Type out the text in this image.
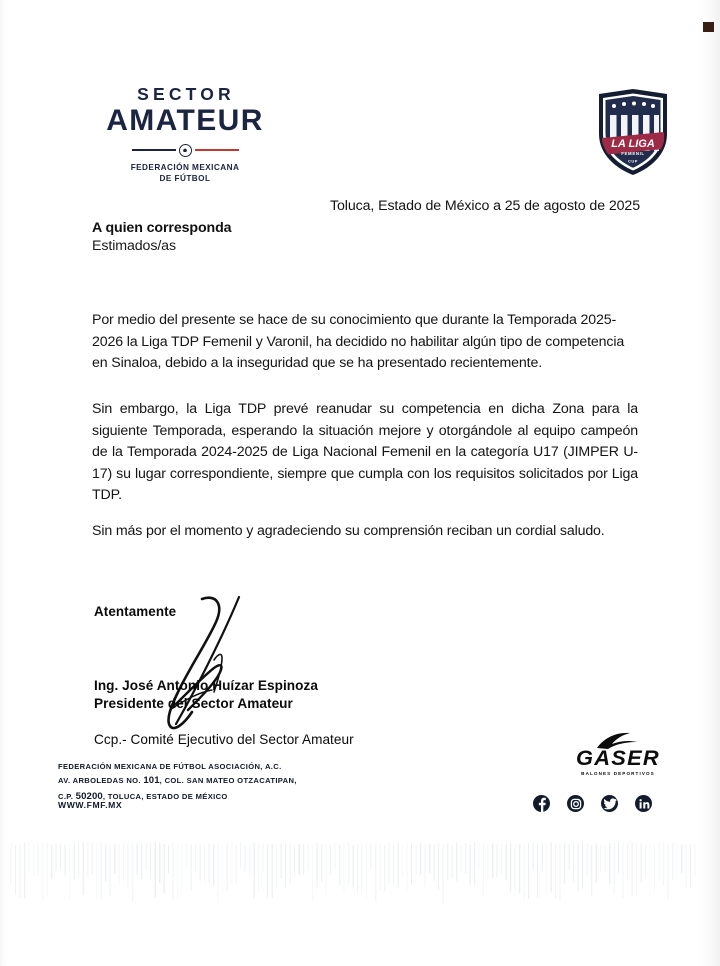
SECTOR
AMATEUR
FEDERACIÓN MEXICANA
DE FÚTBOL
LA LIGA
FEMENIL
CUP
Toluca, Estado de México a 25 de agosto de 2025
A quien corresponda
Estimados/as
Por medio del presente se hace de su conocimiento que durante la Temporada 2025-2026 la Liga TDP Femenil y Varonil, ha decidido no habilitar algún tipo de competencia en Sinaloa, debido a la inseguridad que se ha presentado recientemente.
Sin embargo, la Liga TDP prevé reanudar su competencia en dicha Zona para la siguiente Temporada, esperando la situación mejore y otorgándole al equipo campeón de la Temporada 2024-2025 de Liga Nacional Femenil en la categoría U17 (JIMPER U-17) su lugar correspondiente, siempre que cumpla con los requisitos solicitados por Liga TDP.
Sin más por el momento y agradeciendo su comprensión reciban un cordial saludo.
Atentamente
Ing. José Antonio Huízar Espinoza
Presidente del Sector Amateur
Ccp.- Comité Ejecutivo del Sector Amateur
FEDERACIÓN MEXICANA DE FÚTBOL ASOCIACIÓN, A.C.
AV. ARBOLEDAS NO. 101, COL. SAN MATEO OTZACATIPAN,
C.P. 50200, TOLUCA, ESTADO DE MÉXICO
WWW.FMF.MX
GASER
BALONES DEPORTIVOS
